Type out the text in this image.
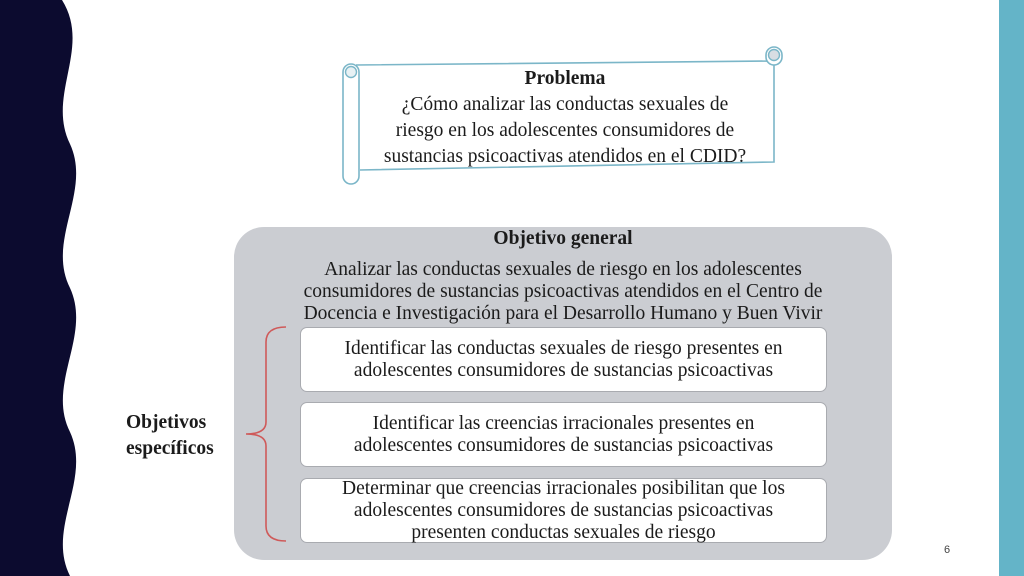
Problema
¿Cómo analizar las conductas sexuales de
riesgo en los adolescentes consumidores de
sustancias psicoactivas atendidos en el CDID?
Objetivo general
Analizar las conductas sexuales de riesgo en los adolescentes
consumidores de sustancias psicoactivas atendidos en el Centro de
Docencia e Investigación para el Desarrollo Humano y Buen Vivir
Identificar las conductas sexuales de riesgo presentes en
adolescentes consumidores de sustancias psicoactivas
Identificar las creencias irracionales presentes en
adolescentes consumidores de sustancias psicoactivas
Determinar que creencias irracionales posibilitan que los
adolescentes consumidores de sustancias psicoactivas
presenten conductas sexuales de riesgo
Objetivos
específicos
6
